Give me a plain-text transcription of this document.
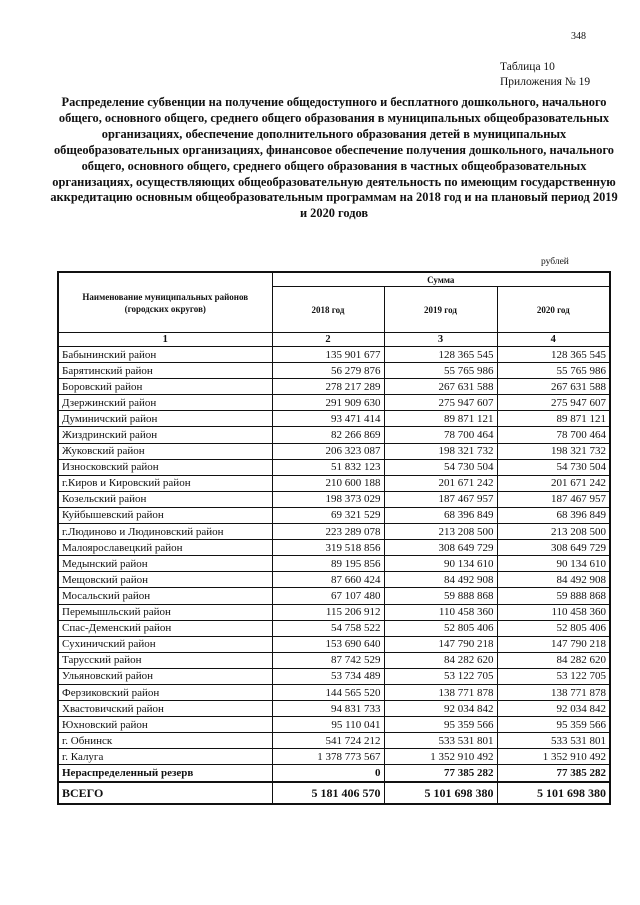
348
Таблица 10
Приложения № 19
Распределение субвенции на получение общедоступного и бесплатного дошкольного, начального общего, основного общего, среднего общего образования в муниципальных общеобразовательных организациях, обеспечение дополнительного образования детей в муниципальных общеобразовательных организациях, финансовое обеспечение получения дошкольного, начального общего, основного общего, среднего общего образования в частных общеобразовательных организациях, осуществляющих общеобразовательную деятельность по имеющим государственную аккредитацию основным общеобразовательным программам на 2018 год и на плановый период 2019 и 2020 годов
рублей
Наименование муниципальных районов (городских округов)	Сумма		
	2018 год	2019 год	2020 год
1	2	3	4
Бабынинский район	135 901 677	128 365 545	128 365 545
Барятинский район	56 279 876	55 765 986	55 765 986
Боровский район	278 217 289	267 631 588	267 631 588
Дзержинский район	291 909 630	275 947 607	275 947 607
Думиничский район	93 471 414	89 871 121	89 871 121
Жиздринский район	82 266 869	78 700 464	78 700 464
Жуковский район	206 323 087	198 321 732	198 321 732
Износковский район	51 832 123	54 730 504	54 730 504
г.Киров и Кировский район	210 600 188	201 671 242	201 671 242
Козельский район	198 373 029	187 467 957	187 467 957
Куйбышевский район	69 321 529	68 396 849	68 396 849
г.Людиново и Людиновский район	223 289 078	213 208 500	213 208 500
Малоярославецкий район	319 518 856	308 649 729	308 649 729
Медынский район	89 195 856	90 134 610	90 134 610
Мещовский район	87 660 424	84 492 908	84 492 908
Мосальский район	67 107 480	59 888 868	59 888 868
Перемышльский район	115 206 912	110 458 360	110 458 360
Спас-Деменский район	54 758 522	52 805 406	52 805 406
Сухиничский район	153 690 640	147 790 218	147 790 218
Тарусский район	87 742 529	84 282 620	84 282 620
Ульяновский район	53 734 489	53 122 705	53 122 705
Ферзиковский район	144 565 520	138 771 878	138 771 878
Хвастовичский район	94 831 733	92 034 842	92 034 842
Юхновский район	95 110 041	95 359 566	95 359 566
г. Обнинск	541 724 212	533 531 801	533 531 801
г. Калуга	1 378 773 567	1 352 910 492	1 352 910 492
Нераспределенный резерв	0	77 385 282	77 385 282
ВСЕГО	5 181 406 570	5 101 698 380	5 101 698 380
